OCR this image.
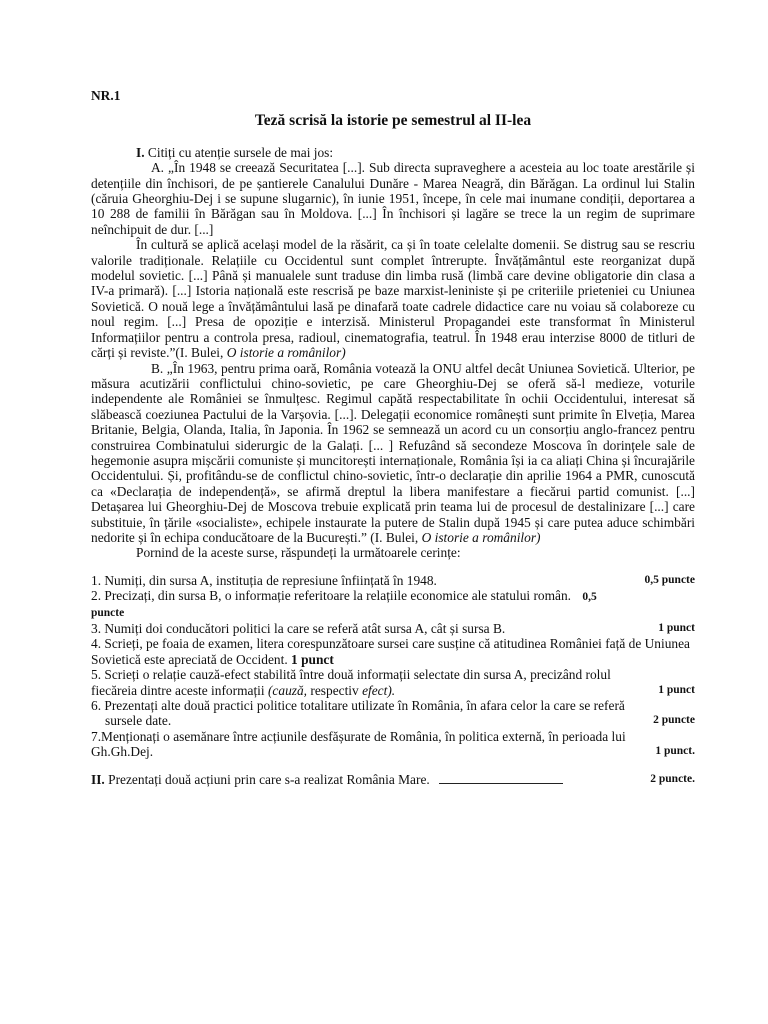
NR.1
Teză scrisă la istorie pe semestrul al II-lea
I. Citiți cu atenție sursele de mai jos:
A. „În 1948 se creează Securitatea [...]. Sub directa supraveghere a acesteia au loc toate arestările și detențiile din închisori, de pe șantierele Canalului Dunăre - Marea Neagră, din Bărăgan. La ordinul lui Stalin (căruia Gheorghiu-Dej i se supune slugarnic), în iunie 1951, începe, în cele mai inumane condiții, deportarea a 10 288 de familii în Bărăgan sau în Moldova. [...] În închisori și lagăre se trece la un regim de suprimare neînchipuit de dur. [...]
În cultură se aplică același model de la răsărit, ca și în toate celelalte domenii. Se distrug sau se rescriu valorile tradiționale. Relațiile cu Occidentul sunt complet întrerupte. Învățământul este reorganizat după modelul sovietic. [...] Până și manualele sunt traduse din limba rusă (limbă care devine obligatorie din clasa a IV-a primară). [...] Istoria națională este rescrisă pe baze marxist-leniniste și pe criteriile prieteniei cu Uniunea Sovietică. O nouă lege a învățământului lasă pe dinafară toate cadrele didactice care nu voiau să colaboreze cu noul regim. [...] Presa de opoziție e interzisă. Ministerul Propagandei este transformat în Ministerul Informațiilor pentru a controla presa, radioul, cinematografia, teatrul. În 1948 erau interzise 8000 de titluri de cărți și reviste.”(I. Bulei, O istorie a românilor)
B. „În 1963, pentru prima oară, România votează la ONU altfel decât Uniunea Sovietică. Ulterior, pe măsura acutizării conflictului chino-sovietic, pe care Gheorghiu-Dej se oferă să-l medieze, voturile independente ale României se înmulțesc. Regimul capătă respectabilitate în ochii Occidentului, interesat să slăbească coeziunea Pactului de la Varșovia. [...]. Delegații economice românești sunt primite în Elveția, Marea Britanie, Belgia, Olanda, Italia, în Japonia. În 1962 se semnează un acord cu un consorțiu anglo-francez pentru construirea Combinatului siderurgic de la Galați. [... ] Refuzând să secondeze Moscova în dorințele sale de hegemonie asupra mișcării comuniste și muncitorești internaționale, România își ia ca aliați China și încurajările Occidentului. Și, profitându-se de conflictul chino-sovietic, într-o declarație din aprilie 1964 a PMR, cunoscută ca «Declarația de independență», se afirmă dreptul la libera manifestare a fiecărui partid comunist. [...] Detașarea lui Gheorghiu-Dej de Moscova trebuie explicată prin teama lui de procesul de destalinizare [...] care substituie, în țările «socialiste», echipele instaurate la putere de Stalin după 1945 și care putea aduce schimbări nedorite și în echipa conducătoare de la București.” (I. Bulei, O istorie a românilor)
Pornind de la aceste surse, răspundeți la următoarele cerințe:
1. Numiți, din sursa A, instituția de represiune înființată în 1948.	0,5 puncte
2. Precizați, din sursa B, o informație referitoare la relațiile economice ale statului român. 0,5
puncte
3. Numiți doi conducători politici la care se referă atât sursa A, cât și sursa B.	1 punct
4. Scrieți, pe foaia de examen, litera corespunzătoare sursei care susține că atitudinea României față de Uniunea Sovietică este apreciată de Occident. 1 punct
5. Scrieți o relație cauză-efect stabilită între două informații selectate din sursa A, precizând rolul fiecăreia dintre aceste informații (cauză, respectiv efect).	1 punct
6. Prezentați alte două practici politice totalitare utilizate în România, în afara celor la care se referă sursele date.	2 puncte
7.Menționați o asemănare între acțiunile desfășurate de România, în politica externă, în perioada lui Gh.Gh.Dej.	1 punct.
II. Prezentați două acțiuni prin care s-a realizat România Mare.	2 puncte.
